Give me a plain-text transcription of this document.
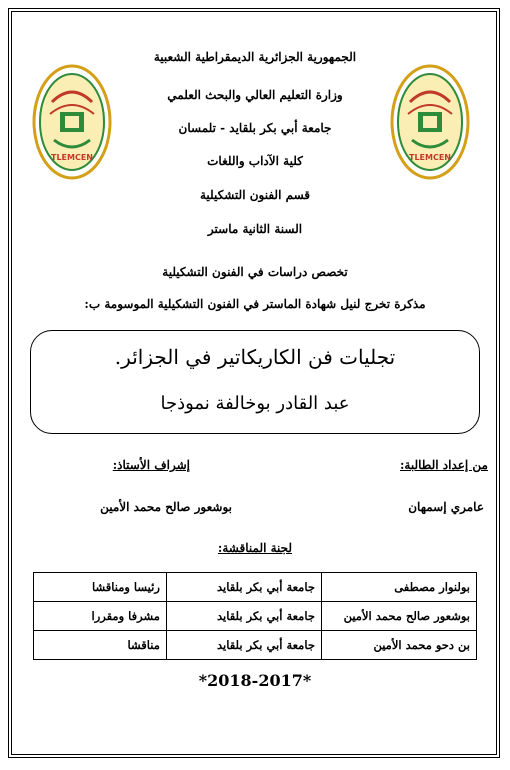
TLEMCEN	TLEMCEN
الجمهورية الجزائرية الديمقراطية الشعبية
وزارة التعليم العالي والبحث العلمي
جامعة أبي بكر بلقايد - تلمسان
كلية الآداب واللغات
قسم الفنون التشكيلية
السنة الثانية ماستر
تخصص دراسات في الفنون التشكيلية
مذكرة تخرج لنيل شهادة الماستر في الفنون التشكيلية الموسومة ب:
تجليات فن الكاريكاتير في الجزائر.
عبد القادر بوخالفة نموذجا
من إعداد الطالبة:
إشراف الأستاذ:
عامري إسمهان
بوشعور صالح محمد الأمين
لجنة المناقشة:
بولنوار مصطفى	جامعة أبي بكر بلقايد	رئيسا ومناقشا
بوشعور صالح محمد الأمين	جامعة أبي بكر بلقايد	مشرفا ومقررا
بن دحو محمد الأمين	جامعة أبي بكر بلقايد	مناقشا
*2018-2017*
